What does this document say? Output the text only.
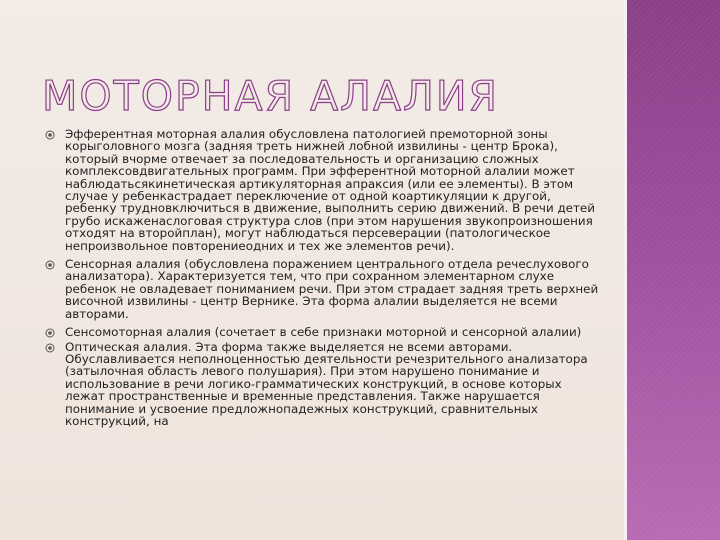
МОТОРНАЯ АЛАЛИЯ
Эфферентная моторная алалия обусловлена патологией премоторной зоны корыголовного мозга (задняя треть нижней лобной извилины - центр Брока), который вчорме отвечает за последовательность и организацию сложных комплексовдвигательных программ. При эфферентной моторной алалии может наблюдатьсякинетическая артикуляторная апраксия (или ее элементы). В этом случае у ребенкастрадает переключение от одной коартикуляции к другой, ребенку трудновключиться в движение, выполнить серию движений. В речи детей грубо искаженаслоговая структура слов (при этом нарушения звукопроизношения отходят на второйплан), могут наблюдаться персеверации (патологическое непроизвольное повторениеодних и тех же элементов речи).
Сенсорная алалия (обусловлена поражением центрального отдела речеслухового анализатора). Характеризуется тем, что при сохранном элементарном слухе ребенок не овладевает пониманием речи. При этом страдает задняя треть верхней височной извилины - центр Вернике. Эта форма алалии выделяется не всеми авторами.
Сенсомоторная алалия (сочетает в себе признаки моторной и сенсорной алалии)
Оптическая алалия. Эта форма также выделяется не всеми авторами. Обуславливается неполноценностью деятельности речезрительного анализатора (затылочная область левого полушария). При этом нарушено понимание и использование в речи логико-грамматических конструкций, в основе которых лежат пространственные и временные представления. Также нарушается понимание и усвоение предложнопадежных конструкций, сравнительных конструкций, на
